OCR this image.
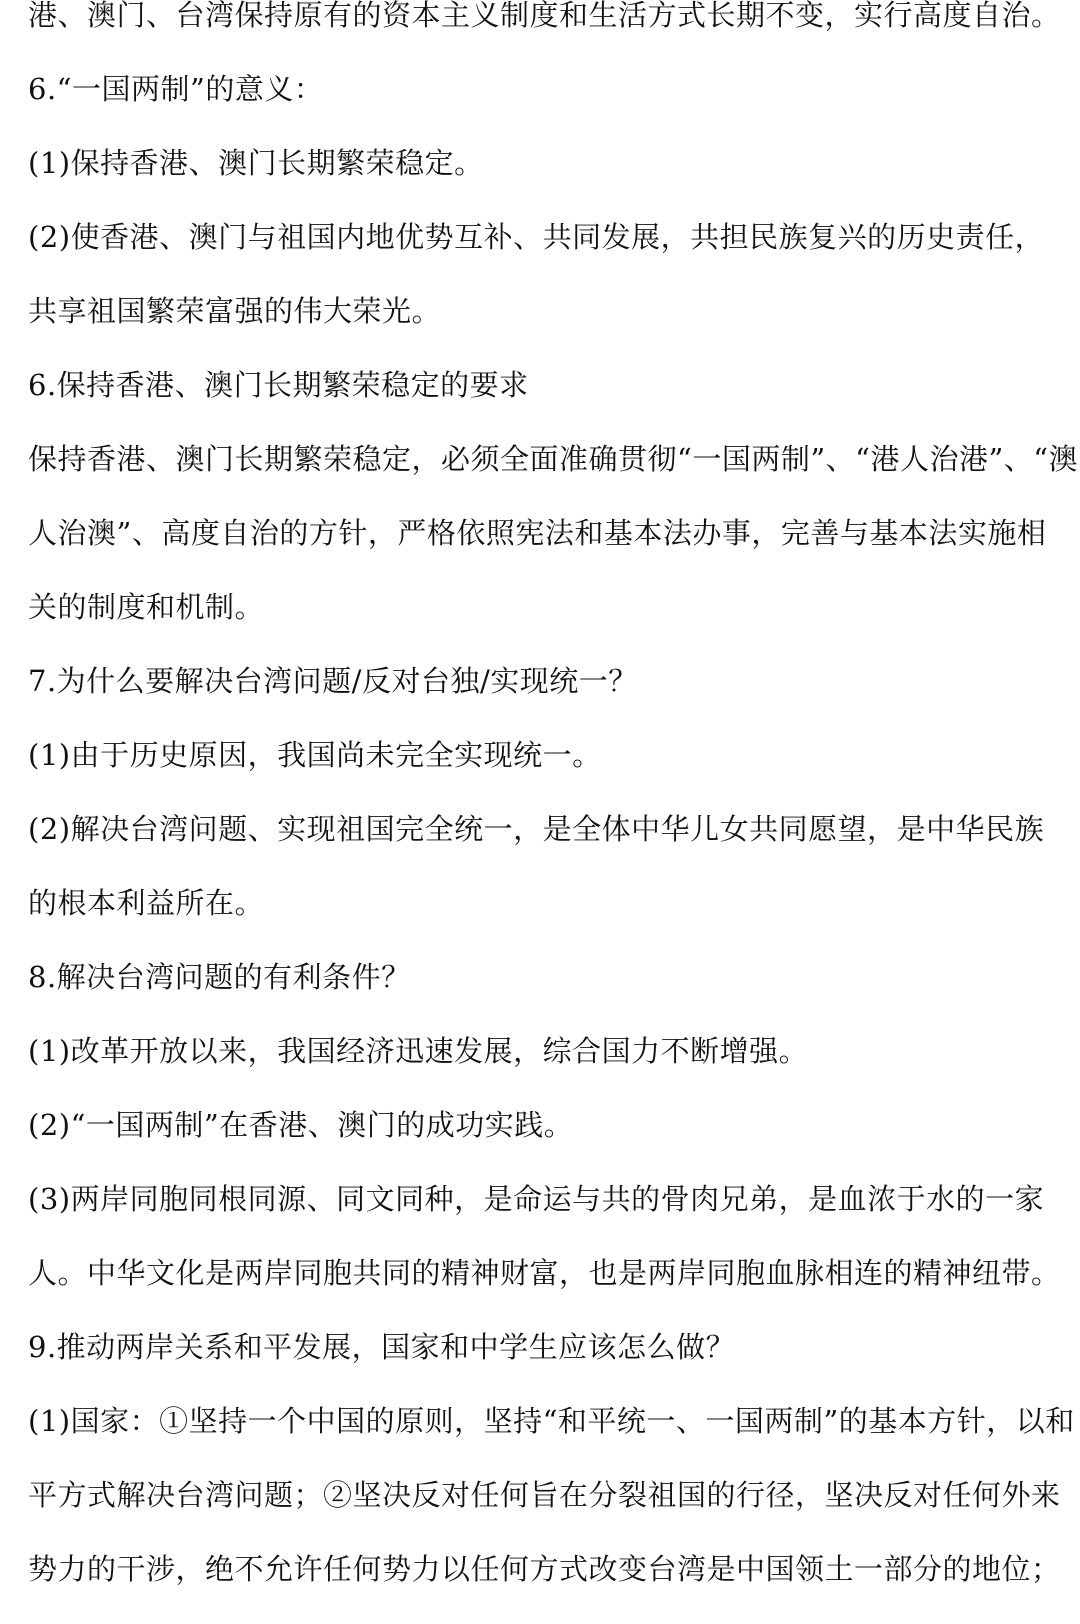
港、澳门、台湾保持原有的资本主义制度和生活方式长期不变，实行高度自治。
6.“一国两制”的意义：
(1)保持香港、澳门长期繁荣稳定。
(2)使香港、澳门与祖国内地优势互补、共同发展，共担民族复兴的历史责任，
共享祖国繁荣富强的伟大荣光。
6.保持香港、澳门长期繁荣稳定的要求
保持香港、澳门长期繁荣稳定，必须全面准确贯彻“一国两制”、“港人治港”、“澳
人治澳”、高度自治的方针，严格依照宪法和基本法办事，完善与基本法实施相
关的制度和机制。
7.为什么要解决台湾问题/反对台独/实现统一？
(1)由于历史原因，我国尚未完全实现统一。
(2)解决台湾问题、实现祖国完全统一，是全体中华儿女共同愿望，是中华民族
的根本利益所在。
8.解决台湾问题的有利条件？
(1)改革开放以来，我国经济迅速发展，综合国力不断增强。
(2)“一国两制”在香港、澳门的成功实践。
(3)两岸同胞同根同源、同文同种，是命运与共的骨肉兄弟，是血浓于水的一家
人。中华文化是两岸同胞共同的精神财富，也是两岸同胞血脉相连的精神纽带。
9.推动两岸关系和平发展，国家和中学生应该怎么做？
(1)国家：①坚持一个中国的原则，坚持“和平统一、一国两制”的基本方针，以和
平方式解决台湾问题；②坚决反对任何旨在分裂祖国的行径，坚决反对任何外来
势力的干涉，绝不允许任何势力以任何方式改变台湾是中国领土一部分的地位；
